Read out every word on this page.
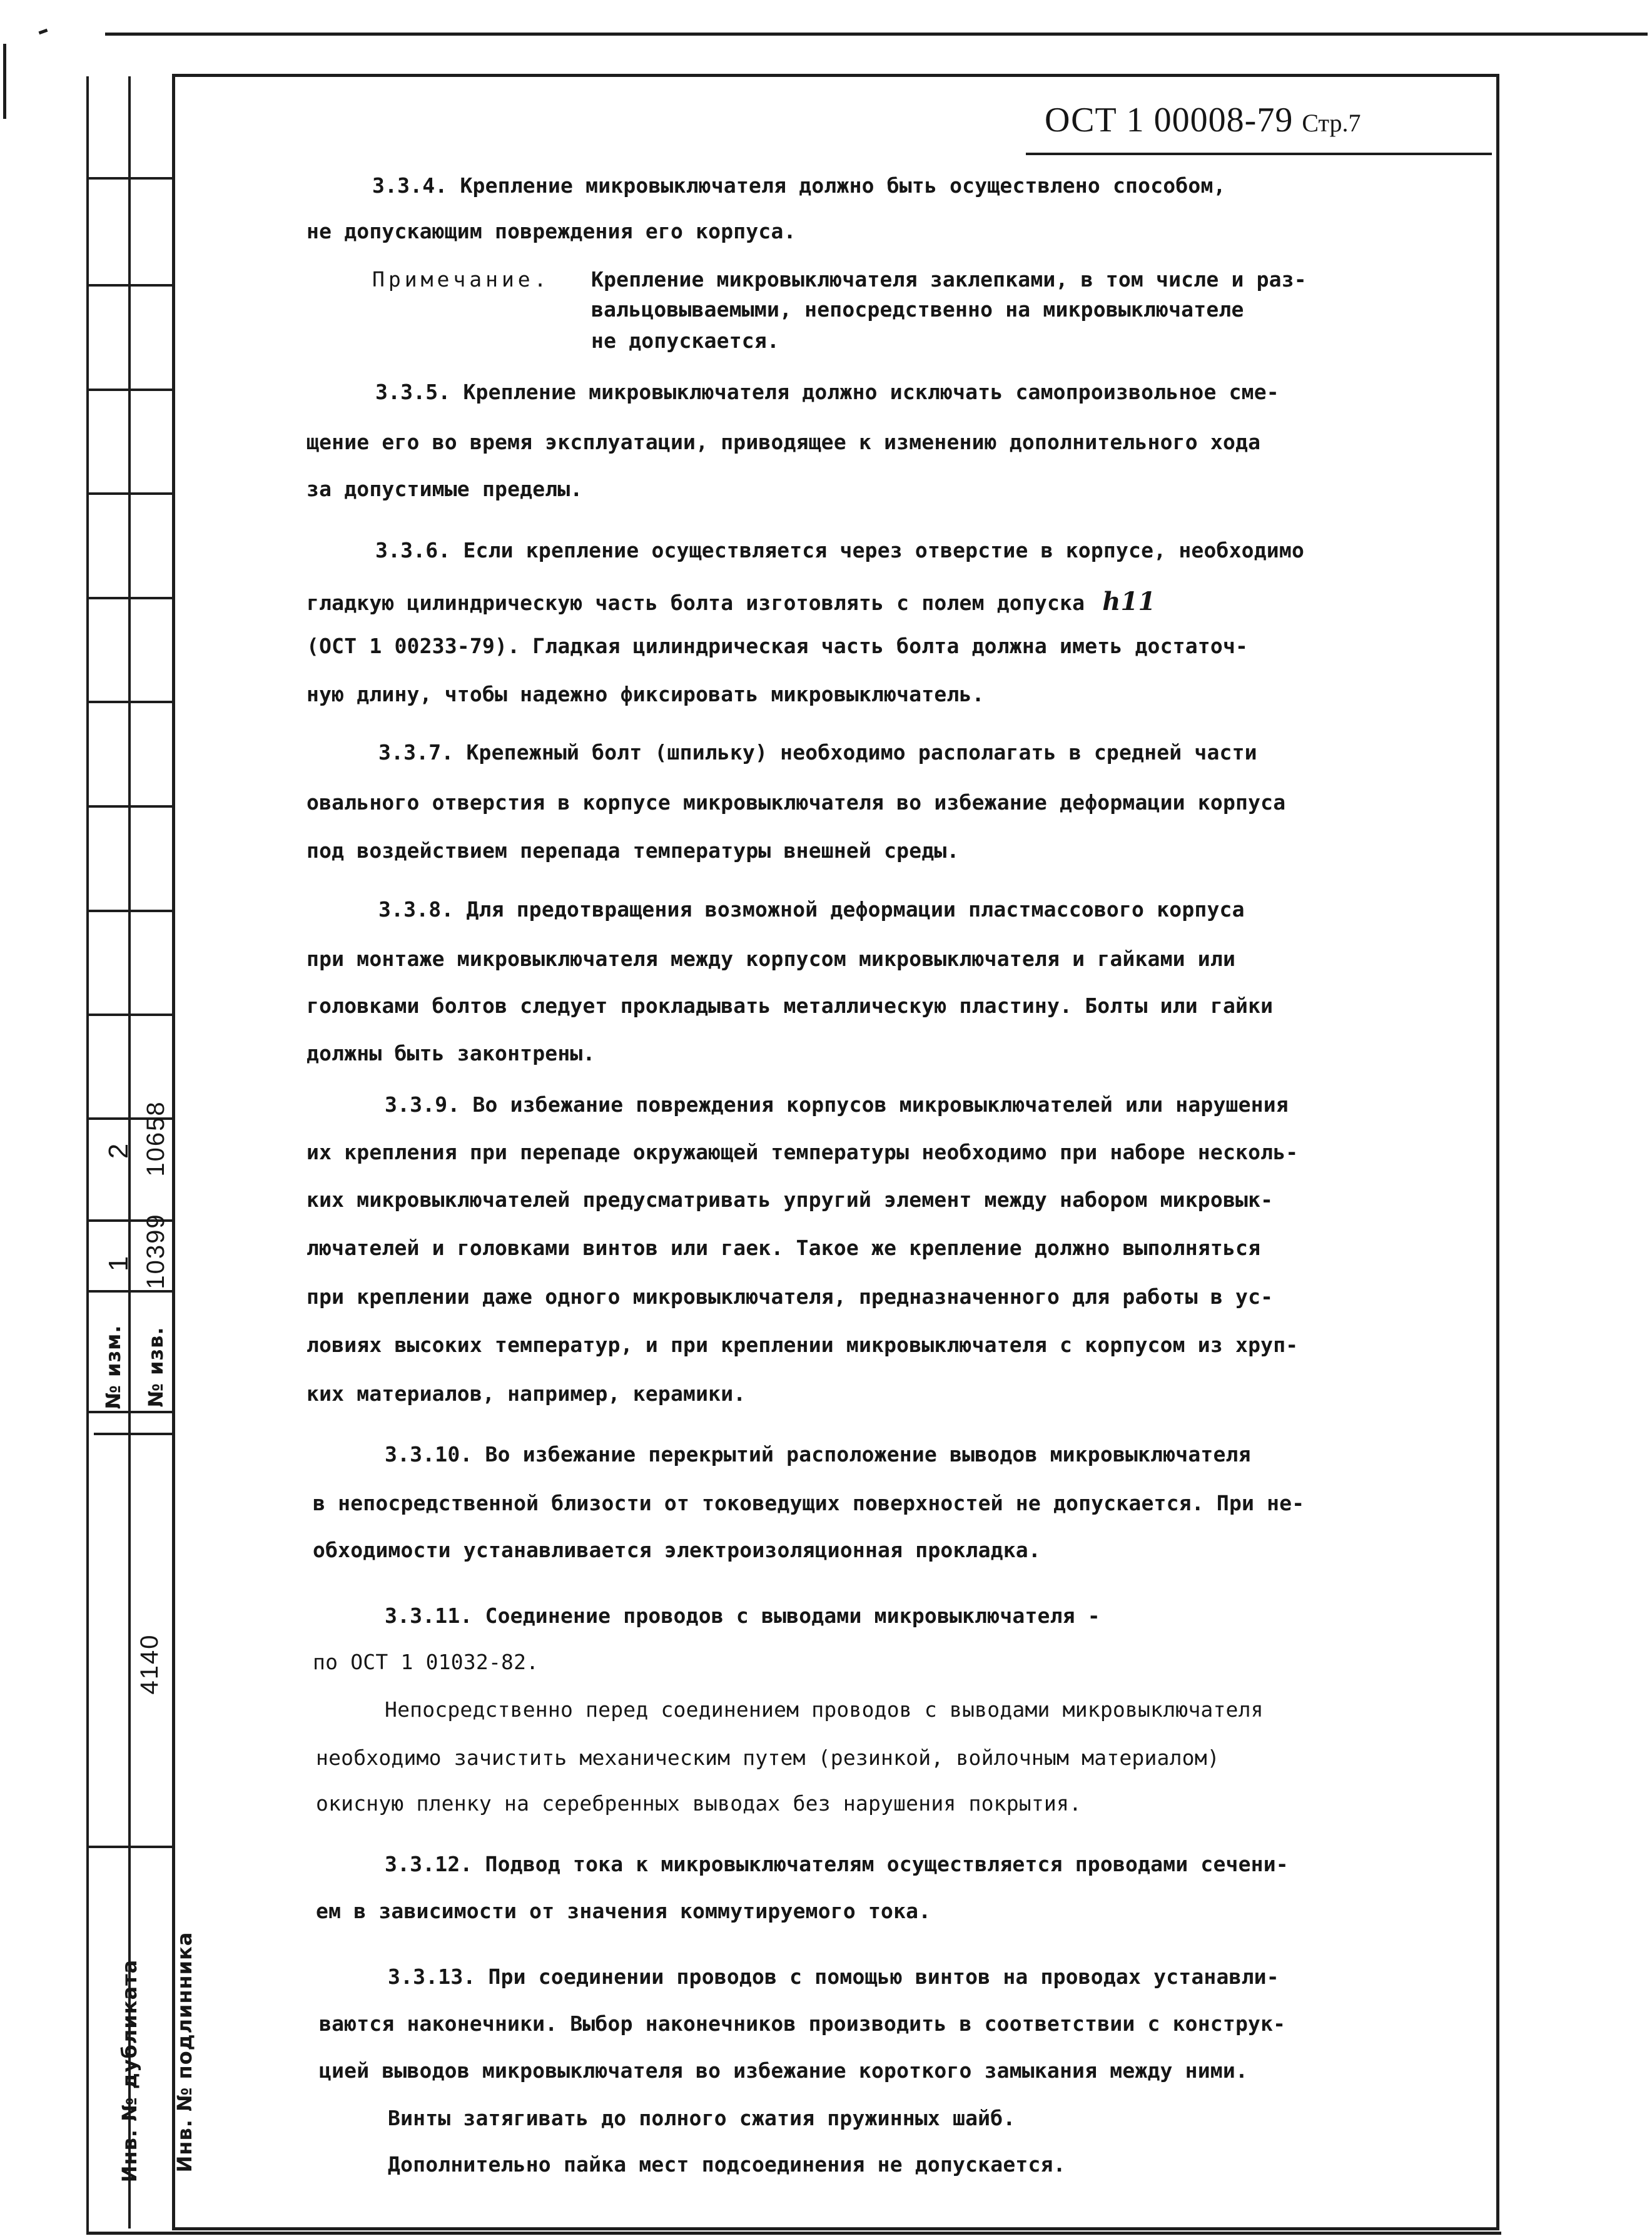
№ изм. № изв.
1
2
10399
10658
4140
Инв. № дубликата Инв. № подлинника
ОСТ 1 00008-79 Стр.7
3.3.4. Крепление микровыключателя должно быть осуществлено способом,
не допускающим повреждения его корпуса.
Примечание. Крепление микровыключателя заклепками, в том числе и раз-
вальцовываемыми, непосредственно на микровыключателе
не допускается.
3.3.5. Крепление микровыключателя должно исключать самопроизвольное сме-
щение его во время эксплуатации, приводящее к изменению дополнительного хода
за допустимые пределы.
3.3.6. Если крепление осуществляется через отверстие в корпусе, необходимо
гладкую цилиндрическую часть болта изготовлять с полем допуска h11
(ОСТ 1 00233-79). Гладкая цилиндрическая часть болта должна иметь достаточ-
ную длину, чтобы надежно фиксировать микровыключатель.
3.3.7. Крепежный болт (шпильку) необходимо располагать в средней части
овального отверстия в корпусе микровыключателя во избежание деформации корпуса
под воздействием перепада температуры внешней среды.
3.3.8. Для предотвращения возможной деформации пластмассового корпуса
при монтаже микровыключателя между корпусом микровыключателя и гайками или
головками болтов следует прокладывать металлическую пластину. Болты или гайки
должны быть законтрены.
3.3.9. Во избежание повреждения корпусов микровыключателей или нарушения
их крепления при перепаде окружающей температуры необходимо при наборе несколь-
ких микровыключателей предусматривать упругий элемент между набором микровык-
лючателей и головками винтов или гаек. Такое же крепление должно выполняться
при креплении даже одного микровыключателя, предназначенного для работы в ус-
ловиях высоких температур, и при креплении микровыключателя с корпусом из хруп-
ких материалов, например, керамики.
3.3.10. Во избежание перекрытий расположение выводов микровыключателя
в непосредственной близости от токоведущих поверхностей не допускается. При не-
обходимости устанавливается электроизоляционная прокладка.
3.3.11. Соединение проводов с выводами микровыключателя -
по ОСТ 1 01032-82.
Непосредственно перед соединением проводов с выводами микровыключателя
необходимо зачистить механическим путем (резинкой, войлочным материалом)
окисную пленку на серебренных выводах без нарушения покрытия.
3.3.12. Подвод тока к микровыключателям осуществляется проводами сечени-
ем в зависимости от значения коммутируемого тока.
3.3.13. При соединении проводов с помощью винтов на проводах устанавли-
ваются наконечники. Выбор наконечников производить в соответствии с конструк-
цией выводов микровыключателя во избежание короткого замыкания между ними.
Винты затягивать до полного сжатия пружинных шайб.
Дополнительно пайка мест подсоединения не допускается.
